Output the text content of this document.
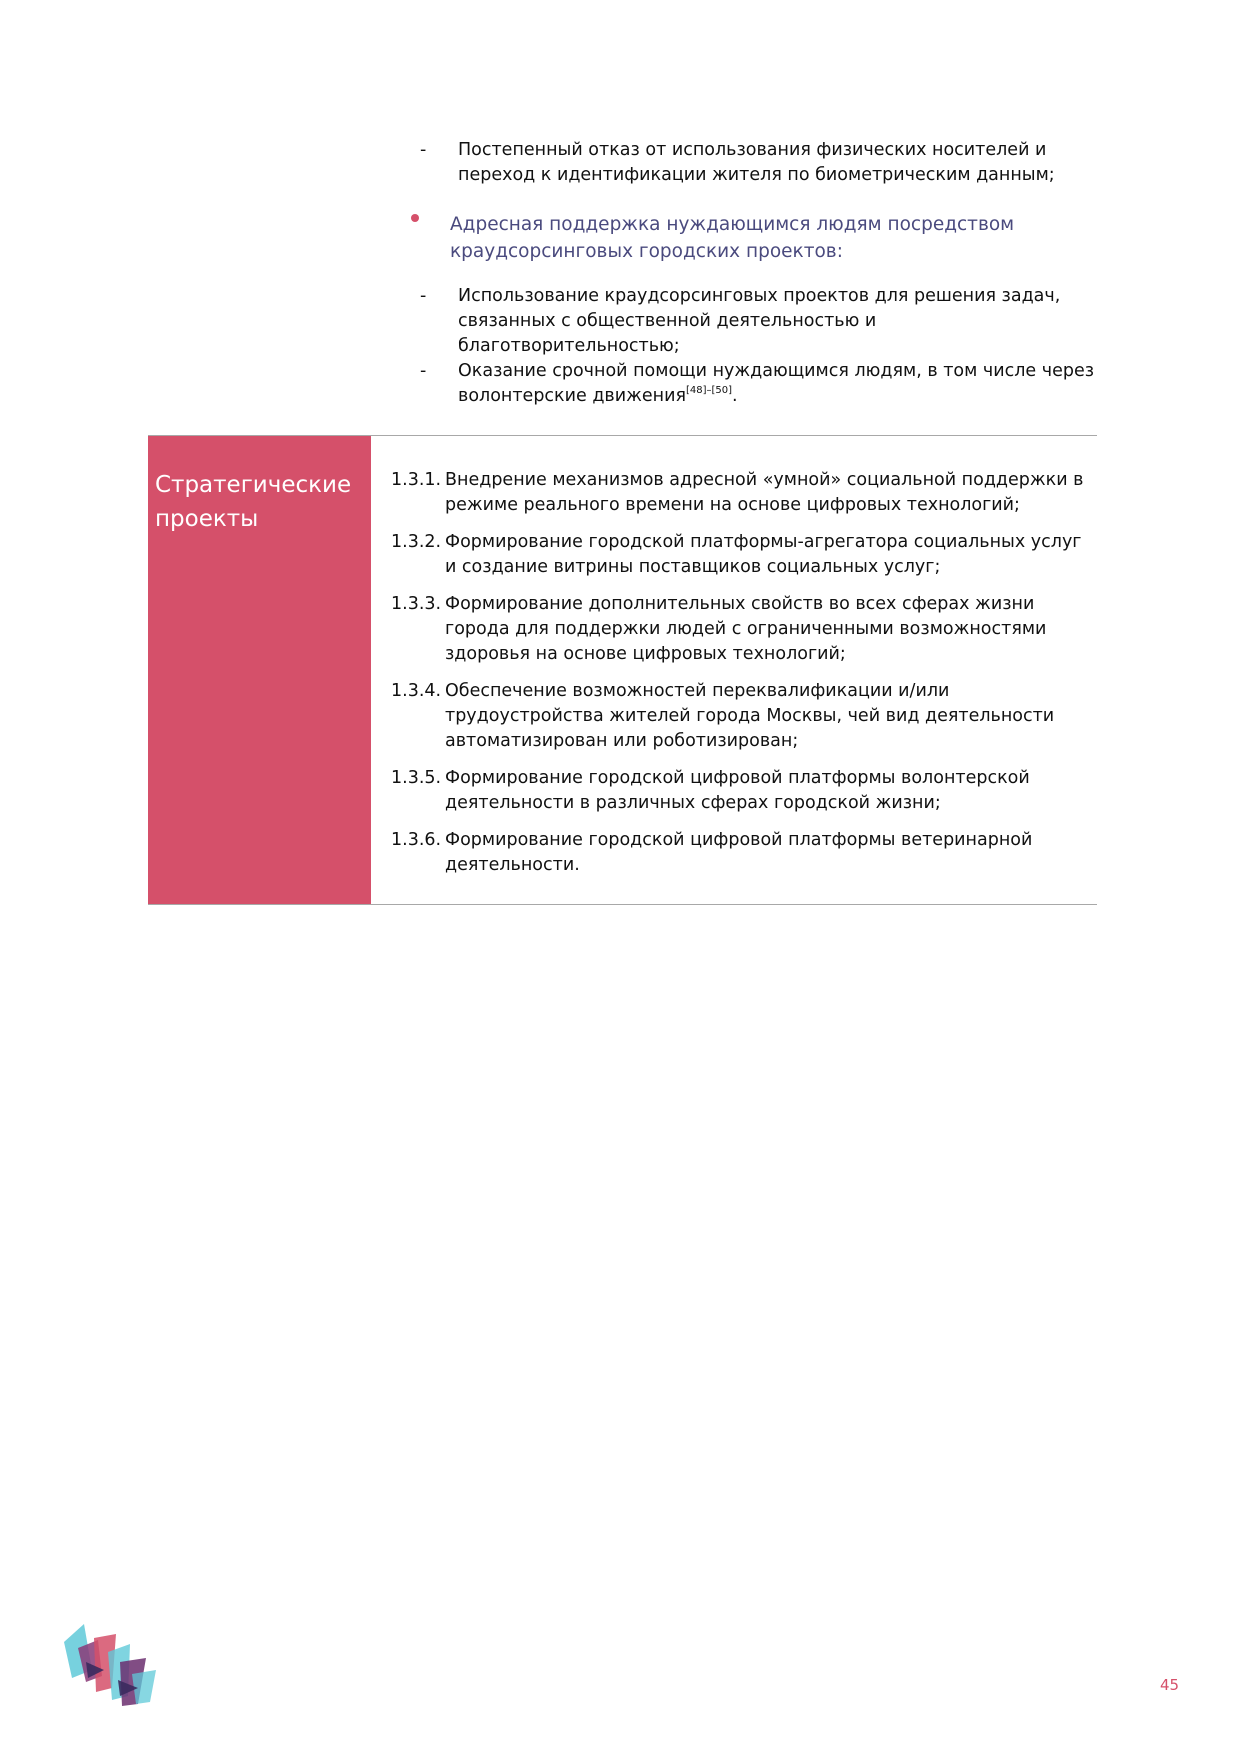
- Постепенный отказ от использования физических носителей и переход к идентификации жителя по биометрическим данным;
Адресная поддержка нуждающимся людям посредством краудсорсинговых городских проектов:
- Использование краудсорсинговых проектов для решения задач, связанных с общественной деятельностью и благотворительностью;
- Оказание срочной помощи нуждающимся людям, в том числе через волонтерские движения[48]–[50].
Стратегические проекты
1.3.1. Внедрение механизмов адресной «умной» социальной поддержки в режиме реального времени на основе цифровых технологий;
1.3.2. Формирование городской платформы-агрегатора социальных услуг и создание витрины поставщиков социальных услуг;
1.3.3. Формирование дополнительных свойств во всех сферах жизни города для поддержки людей с ограниченными возможностями здоровья на основе цифровых технологий;
1.3.4. Обеспечение возможностей переквалификации и/или трудоустройства жителей города Москвы, чей вид деятельности автоматизирован или роботизирован;
1.3.5. Формирование городской цифровой платформы волонтерской деятельности в различных сферах городской жизни;
1.3.6. Формирование городской цифровой платформы ветеринарной деятельности.
45
